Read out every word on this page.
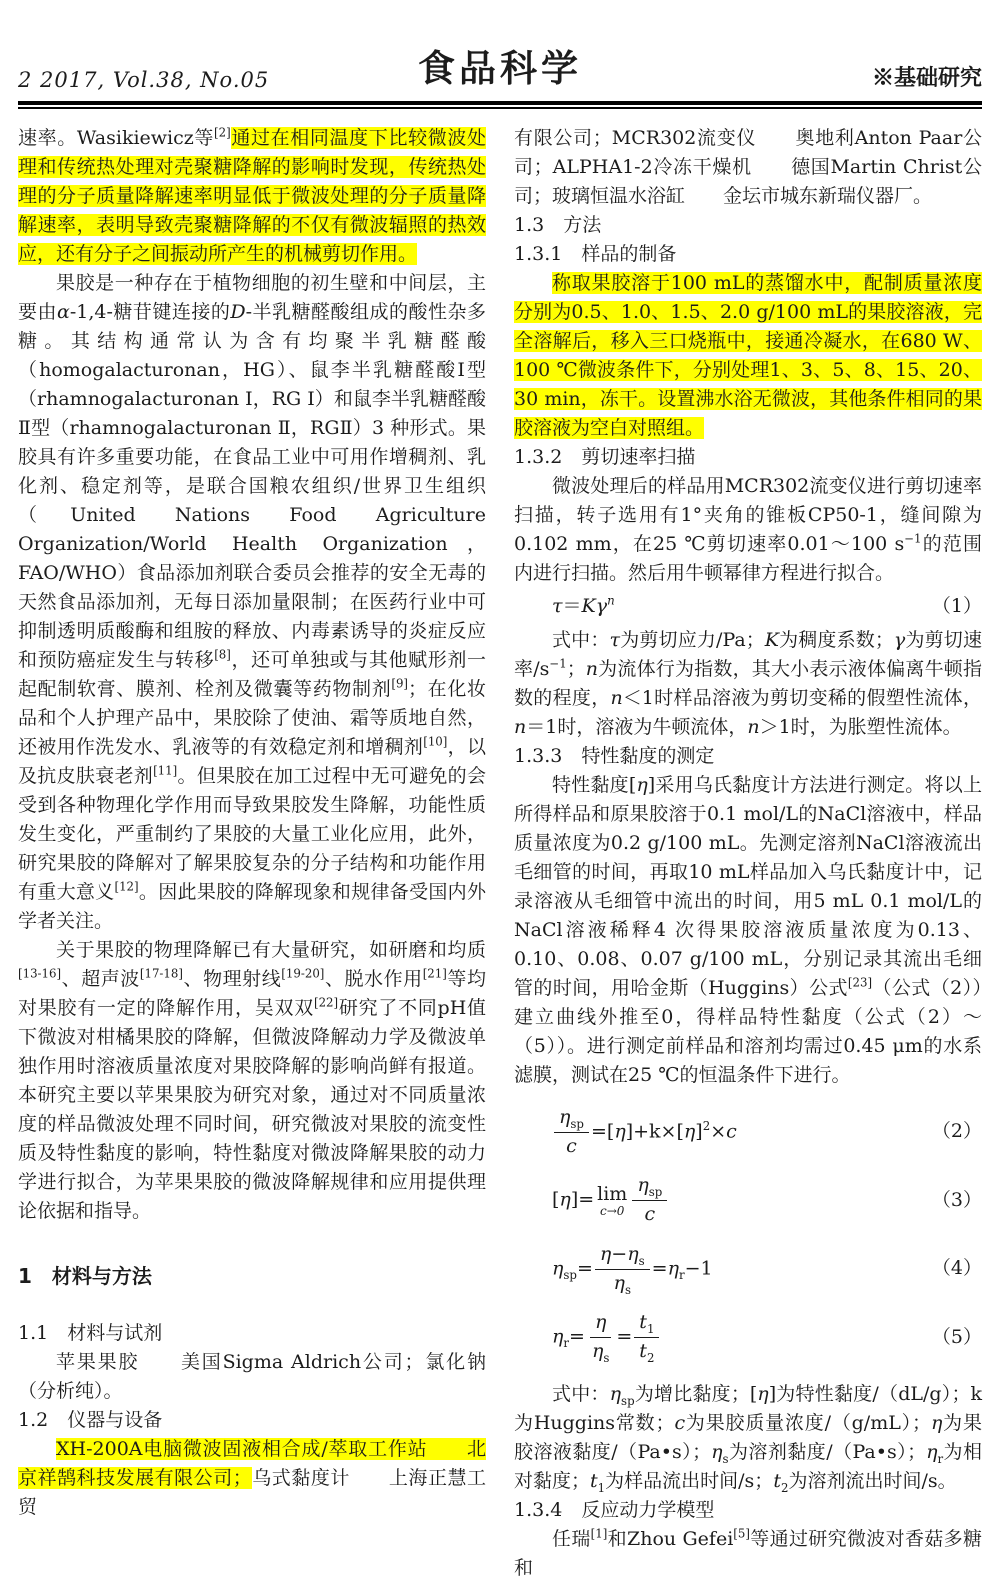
2 2017, Vol.38, No.05	食品科学	※基础研究

速率。Wasikiewicz等[2]通过在相同温度下比较微波处理和传统热处理对壳聚糖降解的影响时发现，传统热处理的分子质量降解速率明显低于微波处理的分子质量降解速率，表明导致壳聚糖降解的不仅有微波辐照的热效应，还有分子之间振动所产生的机械剪切作用。

果胶是一种存在于植物细胞的初生壁和中间层，主要由α-1,4-糖苷键连接的D-半乳糖醛酸组成的酸性杂多糖。其结构通常认为含有均聚半乳糖醛酸（homogalacturonan，HG）、鼠李半乳糖醛酸Ⅰ型（rhamnogalacturonan Ⅰ，RG Ⅰ）和鼠李半乳糖醛酸Ⅱ型（rhamnogalacturonan Ⅱ，RGⅡ）3 种形式。果胶具有许多重要功能，在食品工业中可用作增稠剂、乳化剂、稳定剂等，是联合国粮农组织/世界卫生组织（United Nations Food Agriculture Organization/World Health Organization，FAO/WHO）食品添加剂联合委员会推荐的安全无毒的天然食品添加剂，无每日添加量限制；在医药行业中可抑制透明质酸酶和组胺的释放、内毒素诱导的炎症反应和预防癌症发生与转移[8]，还可单独或与其他赋形剂一起配制软膏、膜剂、栓剂及微囊等药物制剂[9]；在化妆品和个人护理产品中，果胶除了使油、霜等质地自然，还被用作洗发水、乳液等的有效稳定剂和增稠剂[10]，以及抗皮肤衰老剂[11]。但果胶在加工过程中无可避免的会受到各种物理化学作用而导致果胶发生降解，功能性质发生变化，严重制约了果胶的大量工业化应用，此外，研究果胶的降解对了解果胶复杂的分子结构和功能作用有重大意义[12]。因此果胶的降解现象和规律备受国内外学者关注。

关于果胶的物理降解已有大量研究，如研磨和均质[13-16]、超声波[17-18]、物理射线[19-20]、脱水作用[21]等均对果胶有一定的降解作用，吴双双[22]研究了不同pH值下微波对柑橘果胶的降解，但微波降解动力学及微波单独作用时溶液质量浓度对果胶降解的影响尚鲜有报道。本研究主要以苹果果胶为研究对象，通过对不同质量浓度的样品微波处理不同时间，研究微波对果胶的流变性质及特性黏度的影响，特性黏度对微波降解果胶的动力学进行拟合，为苹果果胶的微波降解规律和应用提供理论依据和指导。

1　材料与方法

1.1　材料与试剂

苹果果胶　　美国Sigma Aldrich公司；氯化钠（分析纯）。

1.2　仪器与设备

XH-200A电脑微波固液相合成/萃取工作站　　北京祥鹄科技发展有限公司；乌式黏度计　　上海正慧工贸

有限公司；MCR302流变仪　　奥地利Anton Paar公司；ALPHA1-2冷冻干燥机　　德国Martin Christ公司；玻璃恒温水浴缸　　金坛市城东新瑞仪器厂。

1.3　方法

1.3.1　样品的制备

称取果胶溶于100 mL的蒸馏水中，配制质量浓度分别为0.5、1.0、1.5、2.0 g/100 mL的果胶溶液，完全溶解后，移入三口烧瓶中，接通冷凝水，在680 W、100 ℃微波条件下，分别处理1、3、5、8、15、20、30 min，冻干。设置沸水浴无微波，其他条件相同的果胶溶液为空白对照组。

1.3.2　剪切速率扫描

微波处理后的样品用MCR302流变仪进行剪切速率扫描，转子选用有1°夹角的锥板CP50-1，缝间隙为0.102 mm，在25 ℃剪切速率0.01～100 $s^{-1}$的范围内进行扫描。然后用牛顿幂律方程进行拟合。

$\tau=K\gamma^n$	（1）

式中：τ为剪切应力/Pa；K为稠度系数；γ为剪切速率$/s^{-1}$；n为流体行为指数，其大小表示液体偏离牛顿指数的程度，n＜1时样品溶液为剪切变稀的假塑性流体，n＝1时，溶液为牛顿流体，n＞1时，为胀塑性流体。

1.3.3　特性黏度的测定

特性黏度[η]采用乌氏黏度计方法进行测定。将以上所得样品和原果胶溶于0.1 mol/L的NaCl溶液中，样品质量浓度为0.2 g/100 mL。先测定溶剂NaCl溶液流出毛细管的时间，再取10 mL样品加入乌氏黏度计中，记录溶液从毛细管中流出的时间，用5 mL 0.1 mol/L的NaCl溶液稀释4 次得果胶溶液质量浓度为0.13、0.10、0.08、0.07 g/100 mL，分别记录其流出毛细管的时间，用哈金斯（Huggins）公式[23]（公式（2））建立曲线外推至0，得样品特性黏度（公式（2）～（5））。进行测定前样品和溶剂均需过0.45 μm的水系滤膜，测试在25 ℃的恒温条件下进行。

$\frac{\eta_{sp}}{c} =[\eta]+k\times[\eta]^2\times c$	（2）
[η]= lim
$c\to 0 \frac{\eta_{sp}}{c}$	（3）
$\eta_{sp}= \frac{\eta-\eta_s}{\eta_s} =\eta_r-1$	（4）
$\eta_r= \frac{\eta}{\eta_s} = \frac{t_1}{t_2}$	（5）

式中：$\eta_{sp}$为增比黏度；[η]为特性黏度/（dL/g）；k为Huggins常数；c为果胶质量浓度/（g/mL）；η为果胶溶液黏度/（Pa•s）；$\eta_s$为溶剂黏度/（Pa•s）；$\eta_r$为相对黏度；$t_1$为样品流出时间/s；$t_2$为溶剂流出时间/s。

1.3.4　反应动力学模型

任瑞[1]和Zhou Gefei[5]等通过研究微波对香菇多糖和
